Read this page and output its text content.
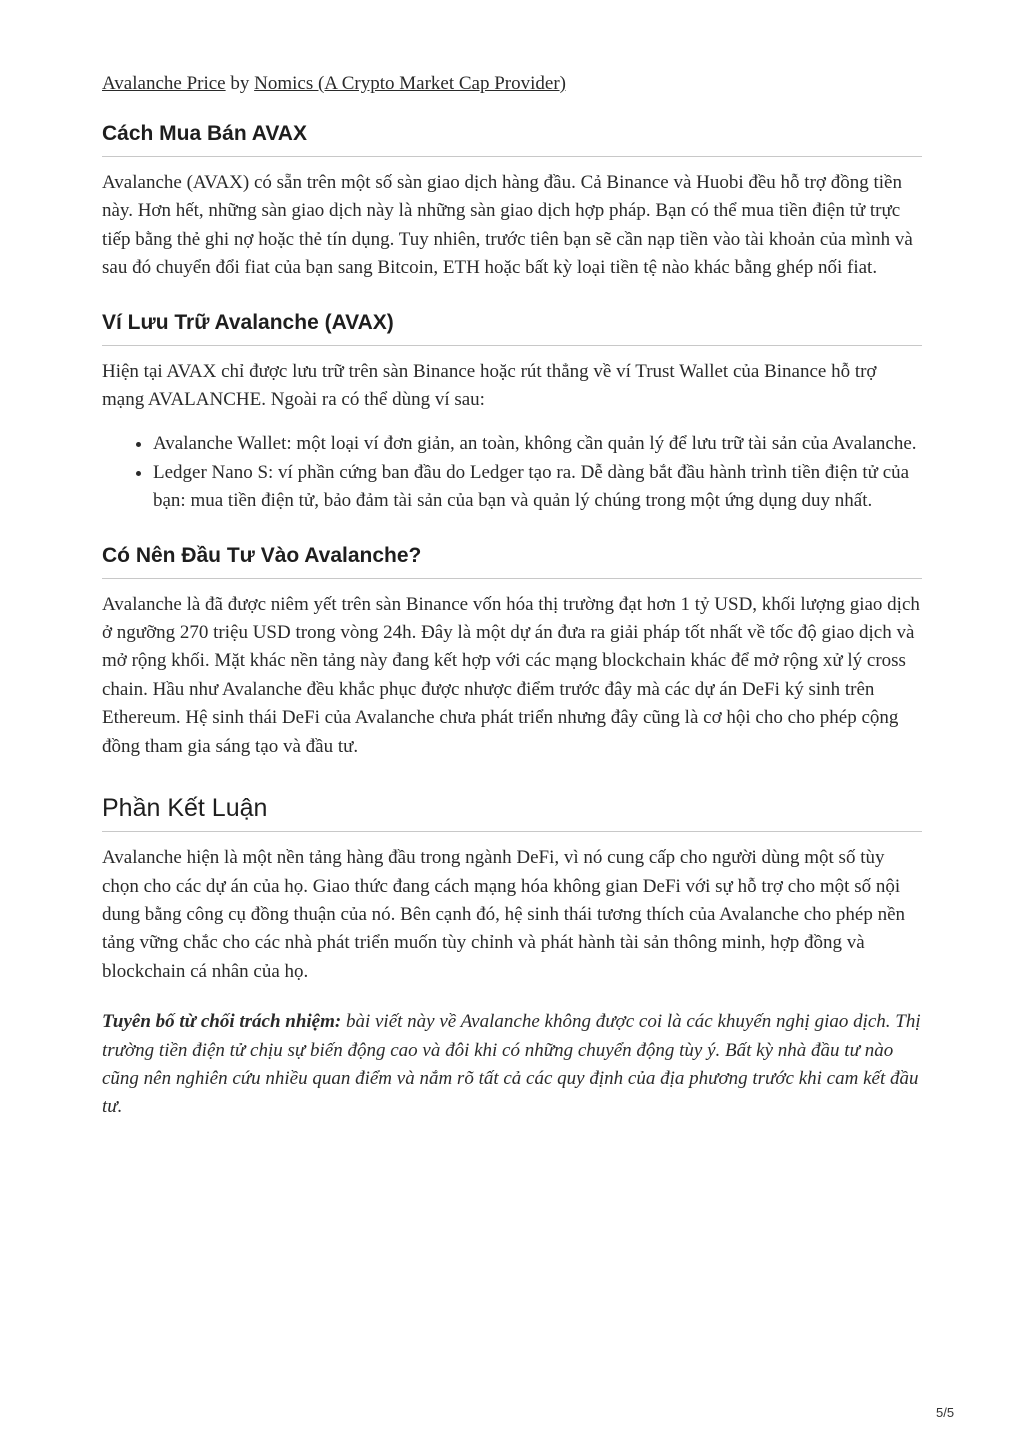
Avalanche Price by Nomics (A Crypto Market Cap Provider)
Cách Mua Bán AVAX

Avalanche (AVAX) có sẵn trên một số sàn giao dịch hàng đầu. Cả Binance và Huobi đều hỗ trợ đồng tiền này. Hơn hết, những sàn giao dịch này là những sàn giao dịch hợp pháp. Bạn có thể mua tiền điện tử trực tiếp bằng thẻ ghi nợ hoặc thẻ tín dụng. Tuy nhiên, trước tiên bạn sẽ cần nạp tiền vào tài khoản của mình và sau đó chuyển đổi fiat của bạn sang Bitcoin, ETH hoặc bất kỳ loại tiền tệ nào khác bằng ghép nối fiat.

Ví Lưu Trữ Avalanche (AVAX)

Hiện tại AVAX chỉ được lưu trữ trên sàn Binance hoặc rút thẳng về ví Trust Wallet của Binance hỗ trợ mạng AVALANCHE. Ngoài ra có thể dùng ví sau:

• Avalanche Wallet: một loại ví đơn giản, an toàn, không cần quản lý để lưu trữ tài sản của Avalanche.
• Ledger Nano S: ví phần cứng ban đầu do Ledger tạo ra. Dễ dàng bắt đầu hành trình tiền điện tử của bạn: mua tiền điện tử, bảo đảm tài sản của bạn và quản lý chúng trong một ứng dụng duy nhất.
Có Nên Đầu Tư Vào Avalanche?

Avalanche là đã được niêm yết trên sàn Binance vốn hóa thị trường đạt hơn 1 tỷ USD, khối lượng giao dịch ở ngưỡng 270 triệu USD trong vòng 24h. Đây là một dự án đưa ra giải pháp tốt nhất về tốc độ giao dịch và mở rộng khối. Mặt khác nền tảng này đang kết hợp với các mạng blockchain khác để mở rộng xử lý cross chain. Hầu như Avalanche đều khắc phục được nhược điểm trước đây mà các dự án DeFi ký sinh trên Ethereum. Hệ sinh thái DeFi của Avalanche chưa phát triển nhưng đây cũng là cơ hội cho cho phép cộng đồng tham gia sáng tạo và đầu tư.

Phần Kết Luận

Avalanche hiện là một nền tảng hàng đầu trong ngành DeFi, vì nó cung cấp cho người dùng một số tùy chọn cho các dự án của họ. Giao thức đang cách mạng hóa không gian DeFi với sự hỗ trợ cho một số nội dung bằng công cụ đồng thuận của nó. Bên cạnh đó, hệ sinh thái tương thích của Avalanche cho phép nền tảng vững chắc cho các nhà phát triển muốn tùy chỉnh và phát hành tài sản thông minh, hợp đồng và blockchain cá nhân của họ.

Tuyên bố từ chối trách nhiệm: bài viết này về Avalanche không được coi là các khuyến nghị giao dịch. Thị trường tiền điện tử chịu sự biến động cao và đôi khi có những chuyển động tùy ý. Bất kỳ nhà đầu tư nào cũng nên nghiên cứu nhiều quan điểm và nắm rõ tất cả các quy định của địa phương trước khi cam kết đầu tư.

5/5
